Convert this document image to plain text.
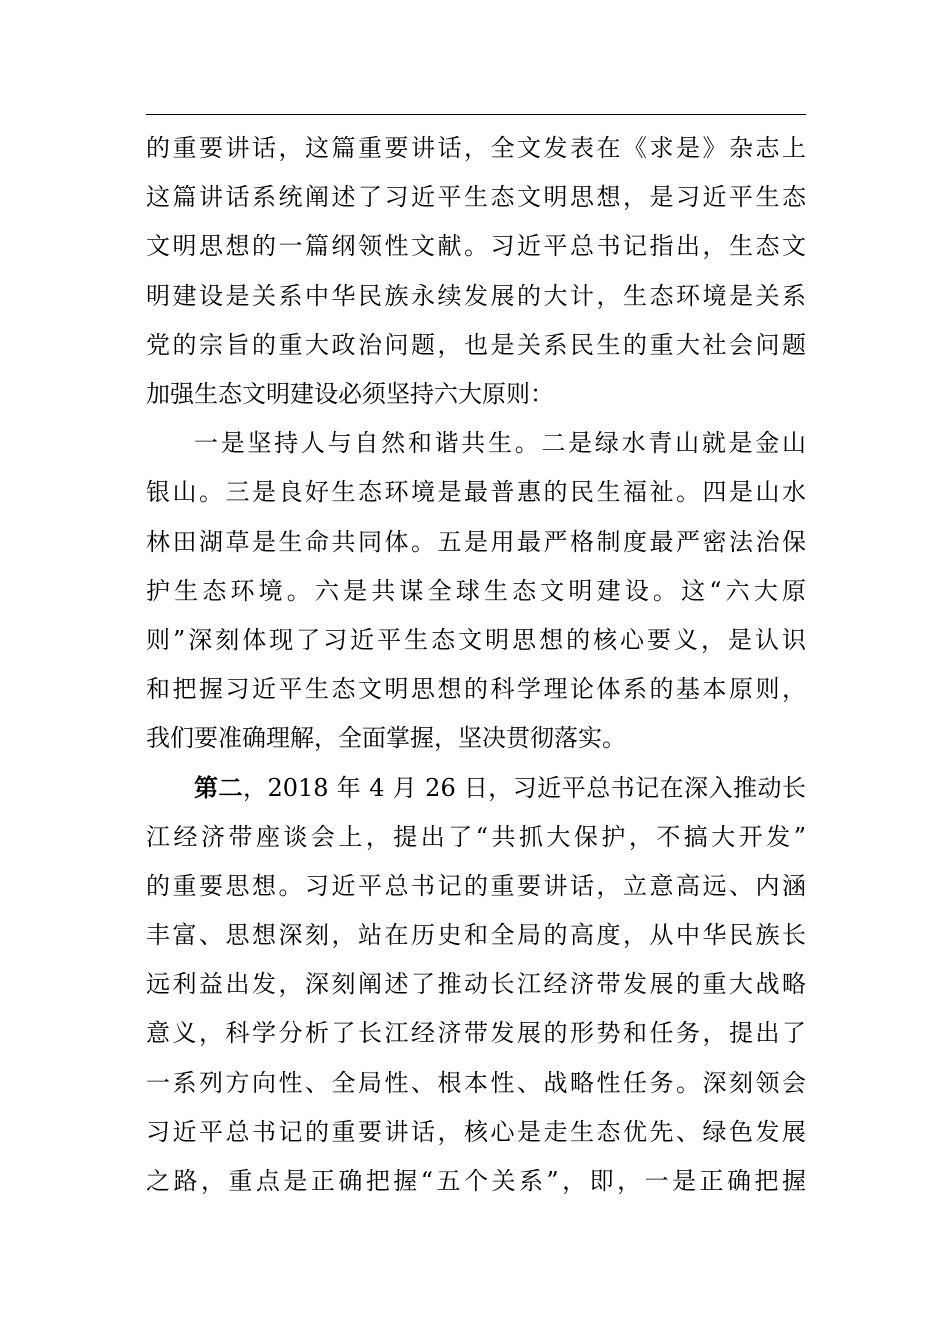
的重要讲话，这篇重要讲话，全文发表在《求是》杂志上
这篇讲话系统阐述了习近平生态文明思想，是习近平生态
文明思想的一篇纲领性文献。习近平总书记指出，生态文
明建设是关系中华民族永续发展的大计，生态环境是关系
党的宗旨的重大政治问题，也是关系民生的重大社会问题
加强生态文明建设必须坚持六大原则：
一是坚持人与自然和谐共生。二是绿水青山就是金山
银山。三是良好生态环境是最普惠的民生福祉。四是山水
林田湖草是生命共同体。五是用最严格制度最严密法治保
护生态环境。六是共谋全球生态文明建设。这“六大原
则”深刻体现了习近平生态文明思想的核心要义，是认识
和把握习近平生态文明思想的科学理论体系的基本原则，
我们要准确理解，全面掌握，坚决贯彻落实。
第二，2018 年 4 月 26 日，习近平总书记在深入推动长
江经济带座谈会上，提出了“共抓大保护，不搞大开发”
的重要思想。习近平总书记的重要讲话，立意高远、内涵
丰富、思想深刻，站在历史和全局的高度，从中华民族长
远利益出发，深刻阐述了推动长江经济带发展的重大战略
意义，科学分析了长江经济带发展的形势和任务，提出了
一系列方向性、全局性、根本性、战略性任务。深刻领会
习近平总书记的重要讲话，核心是走生态优先、绿色发展
之路，重点是正确把握“五个关系”，即，一是正确把握
